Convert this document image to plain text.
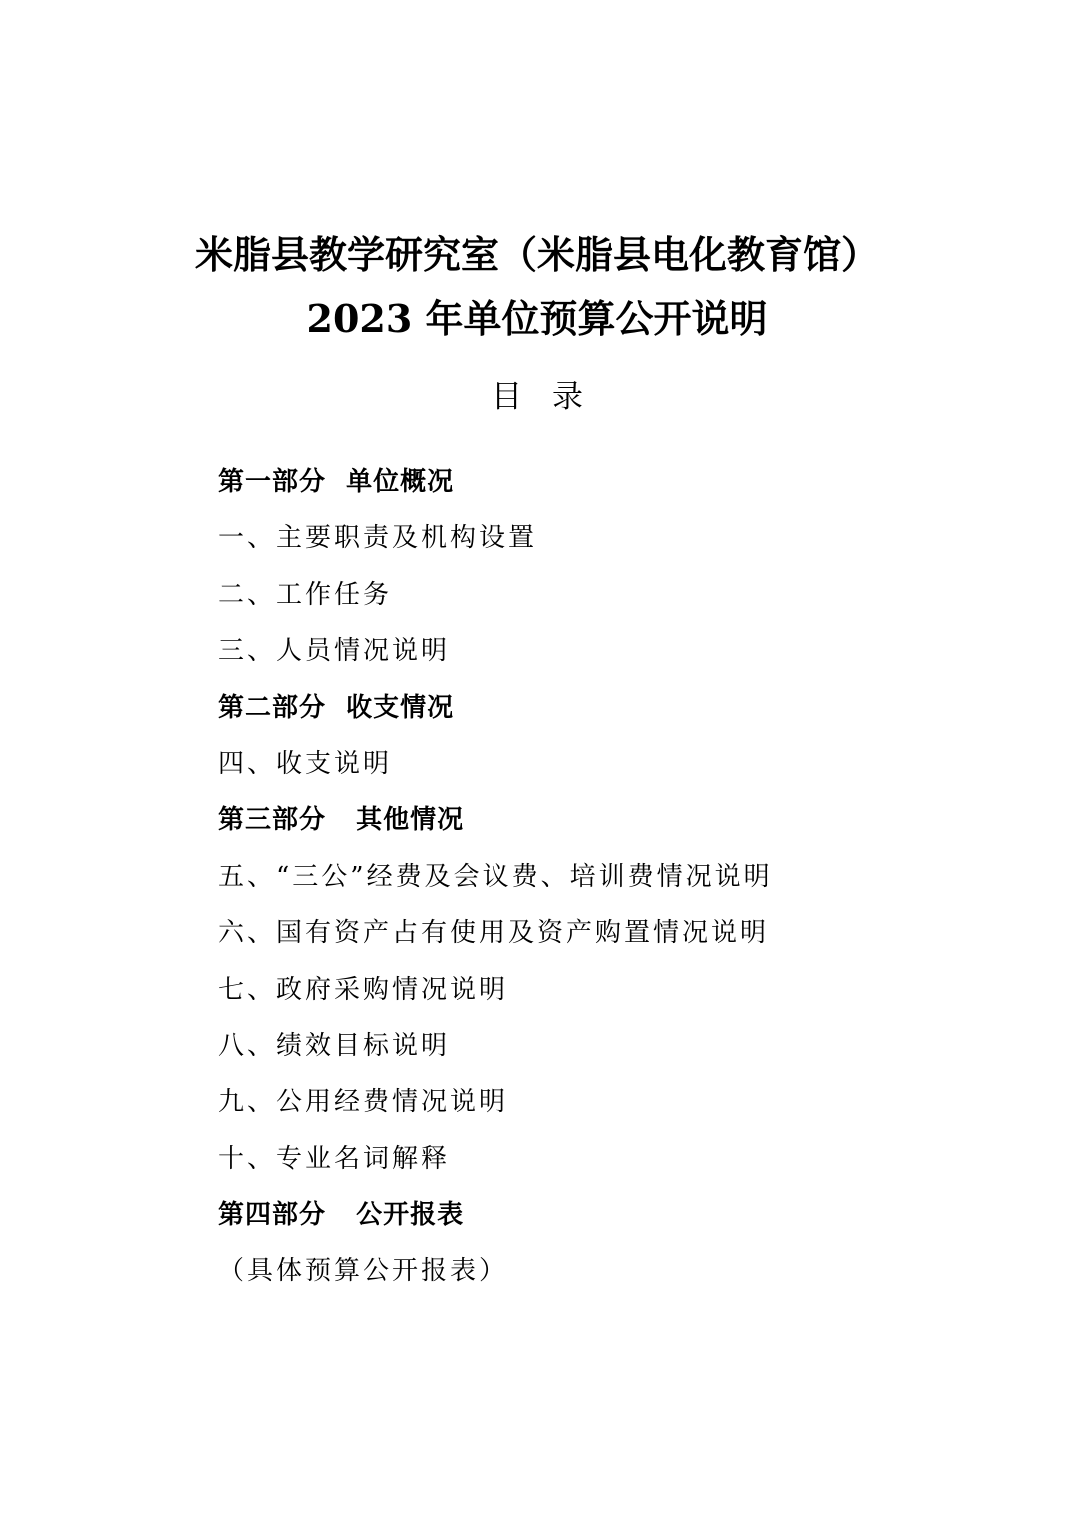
米脂县教学研究室（米脂县电化教育馆）
2023 年单位预算公开说明
目录
第一部分  单位概况
一、主要职责及机构设置
二、工作任务
三、人员情况说明
第二部分  收支情况
四、收支说明
第三部分   其他情况
五、“三公”经费及会议费、培训费情况说明
六、国有资产占有使用及资产购置情况说明
七、政府采购情况说明
八、绩效目标说明
九、公用经费情况说明
十、专业名词解释
第四部分   公开报表
（具体预算公开报表）
